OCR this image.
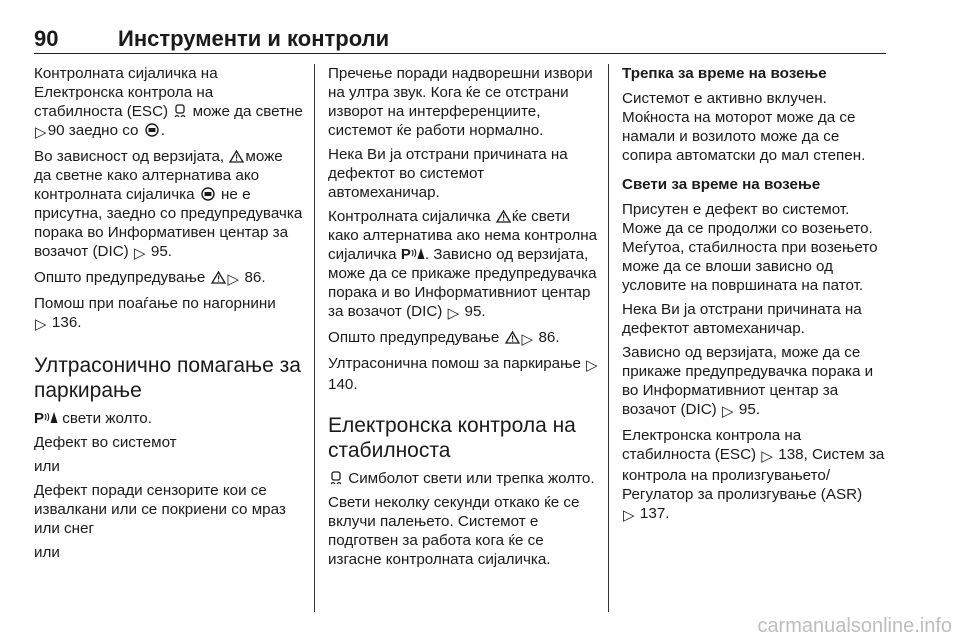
90	Инструменти и контроли

Контролната сијаличка на Електронска контрола на стабилноста (ESC) може да светне ▷90 заедно со .

Во зависност од верзијата, може да светне како алтернатива ако контролната сијаличка не е присутна, заедно со предупредувачка порака во Информативен центар за возачот (DIC) ▷ 95.

Општо предупредување ▷ 86.

Помош при поаѓање по нагорнини
▷ 136.

Ултрасонично помагање за паркирање

P свети жолто.

Дефект во системот

или

Дефект поради сензорите кои се извалкани или се покриени со мраз или снег

или

Пречење поради надворешни извори на ултра звук. Кога ќе се отстрани изворот на интерференциите, системот ќе работи нормално.

Нека Ви ја отстрани причината на дефектот во системот автомеханичар.

Контролната сијаличка ќе свети како алтернатива ако нема контролна сијаличка P . Зависно од верзијата, може да се прикаже предупредувачка порака и во Информативниот центар за возачот (DIC) ▷ 95.

Општо предупредување ▷ 86.

Ултрасонична помош за паркирање ▷ 140.

Електронска контрола на стабилноста

Симболот свети или трепка жолто.

Свети неколку секунди откако ќе се вклучи палењето. Системот е подготвен за работа кога ќе се изгасне контролната сијаличка.

Трепка за време на возење

Системот е активно вклучен. Моќноста на моторот може да се намали и возилото може да се сопира автоматски до мал степен.

Свети за време на возење

Присутен е дефект во системот. Може да се продолжи со возењето. Меѓутоа, стабилноста при возењето може да се влоши зависно од условите на површината на патот.

Нека Ви ја отстрани причината на дефектот автомеханичар.

Зависно од верзијата, може да се прикаже предупредувачка порака и во Информативниот центар за возачот (DIC) ▷ 95.

Електронска контрола на стабилноста (ESC) ▷ 138, Систем за контрола на пролизгувањето/ Регулатор за пролизгување (ASR)
▷ 137.

carmanualsonline.info
